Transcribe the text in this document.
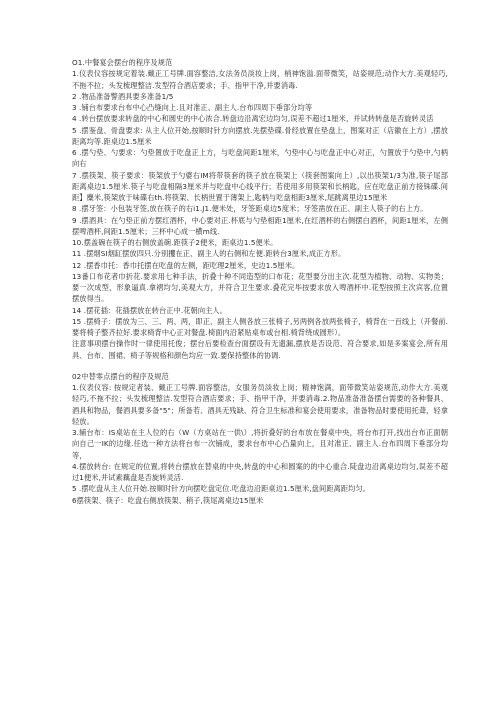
Ο1.中餐宴会摆台的程序及规范

1.仪表仪容按规定着装.戴正工号牌.面容整洁,女法务员淡妆上岗，梢神饱溢.面带微笑，站姿规范;动作大方.美观轻巧,不拖不拉；头发梳理整洁.发型符合酒店要求；手、指甲干净,并要消毒.

2 .物品准备警酒具要多准备1/5

3 .铺台布要求台布中心凸缝向上.且对准正、副主人.台布四周下垂部分均等

4 .转台摆放要求转盘的中心和圆史的中心浓合.转盘边沿离宏边均匀,误差不超过1厘米，并试转转盘是否旋转灵活

5 .摆鉴盘、骨盘要求: 从主人位开始,按顺时针方向摆放.先摆垫碟.骨经放置在垫盘上，图案对正（店徽在上方）,摆放距离均等.距桌边1.5厘米

6 .摆勺垫、勺要求：勺垫置放于吃盘正上方，与吃盘间距1厘米，勺垫中心与吃盘正中心对正，勺置放于勺垫中,勺柄向右

7 .摆筷架、筷子要求：筷架放于勺婆右IM将带筷套的筷子放在筷架上（筷套图案向上）,以出筷架1/3为准,筷子尾部距离桌边1.5厘米.筷子与吃盘相隔3厘米并与吃盘中心线平行；若使用多用筷架和长柄匙，应在吃盘正前方接铢碟.间距】麋米,筷架放于味碟右th.将筷架、长柄世置于薄架上,匙柄与吃盘相距3厘米,尾跳离里边15厘米

8 .摆牙签：小包装牙签,放在筷子的右i1.J1.便米处，牙签距桌边5度米；牙签凿放在正、副主人筷子的右上方。

9 .摆酒具：在勺垫正前方摆红酒杯，中心要对正.杯底与勺垫相距1厘米,在红酒杯的右侧摆白酒杯，间距1厘米，左侧摆啤酒杯,间距1.5厘米；三杯中心成一横m线.

10.摆盖碗在筷子的右侧放盖碗.距筷子2便米，距桌边1.5便米。

11 .摆烟SI烟缸摆放四只.分别攫在正、副主人的右侧和左便.距转台3厘米,成正方形。

12 .摆香巾托：香巾托摆在吃盘的左侧，距吃理2厘米，史边1.5厘米。

13番口布花者巾折花.要求用七种手法，折叠十种不同造型的口布花；花型要分出主次.花型为植物、动物、实物类；要一次成型，形象逼真.拿褶均匀,美观大方，并符合卫生要求.叠花完毕按要求放入啤酒杯中.花型按照主次宾客,位置摆放得当。

14 .摆花插：花插摆放在转台正中.花朝向主人。

15 .摆椅子：摆放为三、三、两、两，即正、副主人侧各放三张椅子,另两例各放两张椅子，椅背在一百线上（开餐前.要将椅子整齐拉好.要求椅背中心正对餐盘.椅面内沿紧贴桌布或台相.椅背绕成圆形）。

注意事项摆台操作时一律使用托俊；摆台后要检查台面摆设有无遗漏,摆放是否设范、符合要求,如是多案宴会,所有用具、台布、围裙、椅子等规格和颜色均应一致.要保持整体的协调.

02中替零点摆台的程序及规范

1.仪表仪容: 按规定者装、戴正工号牌.面容整洁，女服务员淡妆上岗；精神饱满，面带微笑站姿规范,动作大方.美观轻巧,不拖不拉；头发梳理整洁.发型符合酒店要求；手、指甲干净，并要消毒.2.物品准备准备摆台需要的各种餐具、酒具和物品，餐酒具要多备"5"；所备若、酒具无残缺、符合卫生标准和宴会使用要求，准备物品时要使用托聋，轻拿轻放。

3.辅台布：IS桌站在主人位的右（W（方桌站在一供\）,将折叠好的台布放在餐桌中央，将台布打开,找出台布正面朝向自己一IK的边缘.任选一种方法将台布一次铺成，要求台布中心凸量向上，且对准正、副主人.台布四周下垂部分均等，

4.摆放转台: 在规定的位置,将转台摆放在替桌的中央,转盘的中心和圆案的的中心重合.陡盘边沿离桌边均匀,误差不超过1便米,并试素藕盘是否旋转灵活.

5 .摆吃盘从主人位开始.按顺时针方向摆吃盘定位.吃盘边沿距桌边1.5厘米,盘间距离距均匀。

6摆筷架、筷子：吃盘右侧放筷架、稍子,筷尾离桌边15厘米
